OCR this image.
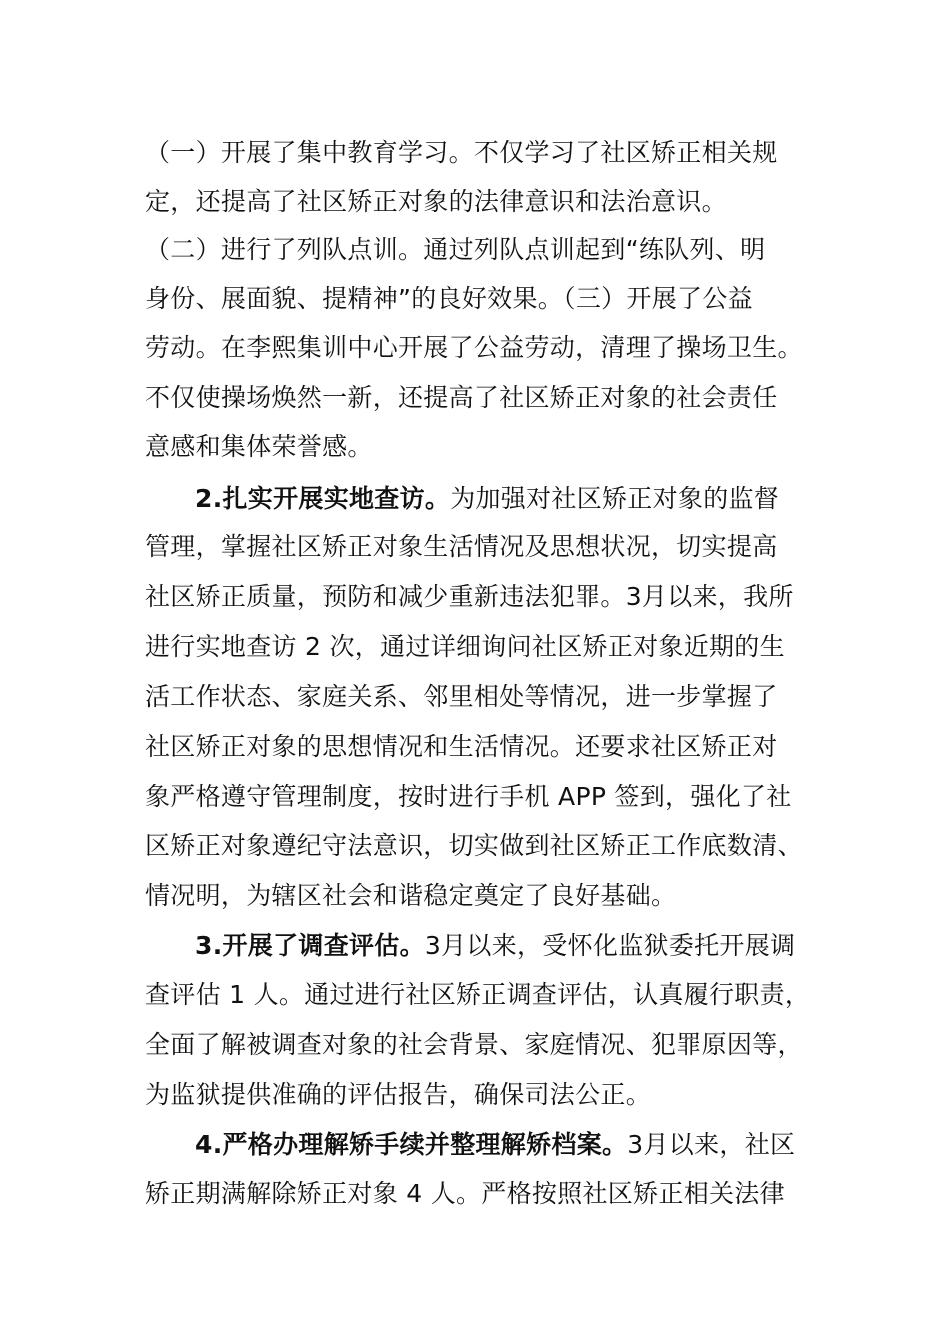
（一）开展了集中教育学习。不仅学习了社区矫正相关规
定，还提高了社区矫正对象的法律意识和法治意识。
（二）进行了列队点训。通过列队点训起到“练队列、明
身份、展面貌、提精神”的良好效果。（三）开展了公益
劳动。在李熙集训中心开展了公益劳动，清理了操场卫生。
不仅使操场焕然一新，还提高了社区矫正对象的社会责任
意感和集体荣誉感。
2.扎实开展实地查访。为加强对社区矫正对象的监督
管理，掌握社区矫正对象生活情况及思想状况，切实提高
社区矫正质量，预防和减少重新违法犯罪。3月以来，我所
进行实地查访 2 次，通过详细询问社区矫正对象近期的生
活工作状态、家庭关系、邻里相处等情况，进一步掌握了
社区矫正对象的思想情况和生活情况。还要求社区矫正对
象严格遵守管理制度，按时进行手机 APP 签到，强化了社
区矫正对象遵纪守法意识，切实做到社区矫正工作底数清、
情况明，为辖区社会和谐稳定奠定了良好基础。
3.开展了调查评估。3月以来，受怀化监狱委托开展调
查评估 1 人。通过进行社区矫正调查评估，认真履行职责，
全面了解被调查对象的社会背景、家庭情况、犯罪原因等，
为监狱提供准确的评估报告，确保司法公正。
4.严格办理解矫手续并整理解矫档案。3月以来，社区
矫正期满解除矫正对象 4 人。严格按照社区矫正相关法律
